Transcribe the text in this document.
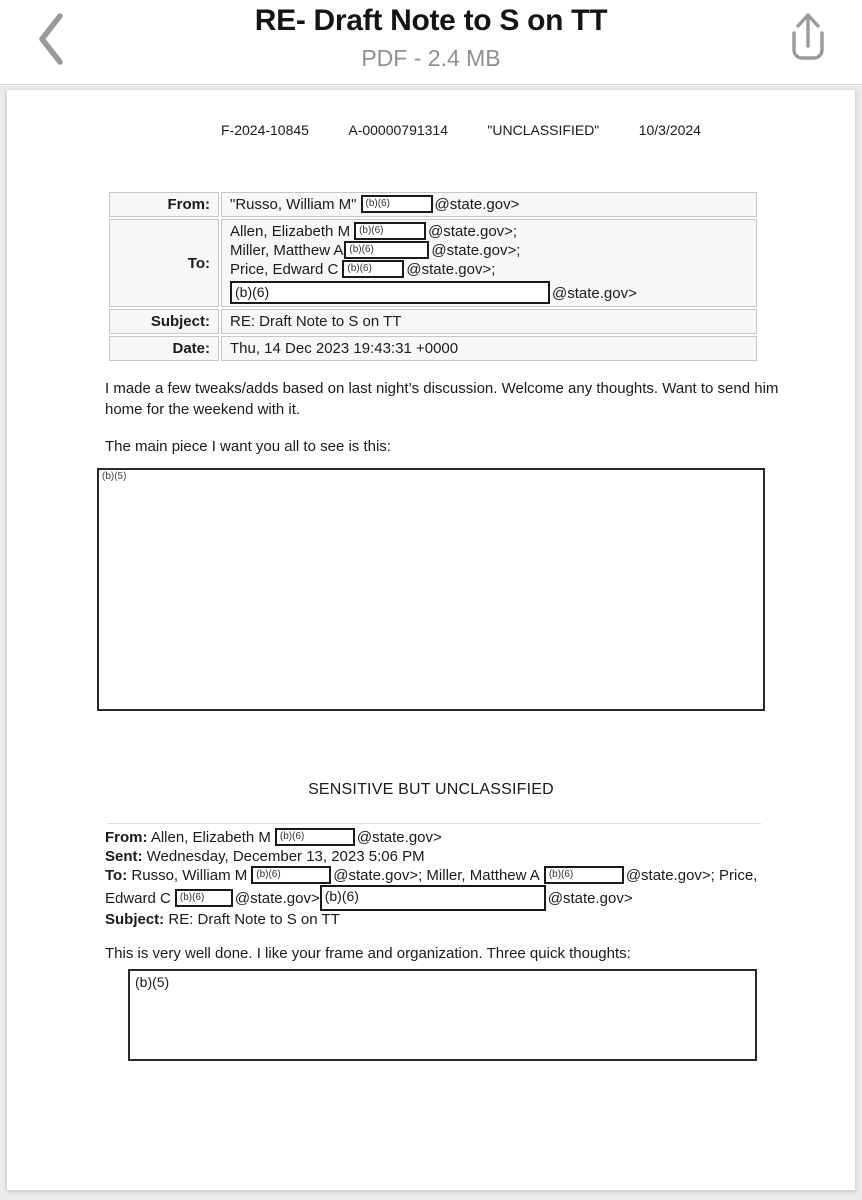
RE- Draft Note to S on TT
PDF - 2.4 MB
F-2024-10845	A-00000791314	"UNCLASSIFIED"	10/3/2024
From:	"Russo, William M" (b)(6) @state.gov>
To:	Allen, Elizabeth M (b)(6) @state.gov>;
Miller, Matthew A (b)(6) @state.gov>;
Price, Edward C (b)(6) @state.gov>;
(b)(6) @state.gov>

Subject:	RE: Draft Note to S on TT
Date:	Thu, 14 Dec 2023 19:43:31 +0000
I made a few tweaks/adds based on last night’s discussion. Welcome any thoughts. Want to send him
home for the weekend with it.
The main piece I want you all to see is this:
(b)(5)
SENSITIVE BUT UNCLASSIFIED
From: Allen, Elizabeth M (b)(6)	@state.gov>
Sent: Wednesday, December 13, 2023 5:06 PM
To: Russo, William M (b)(6)	@state.gov>; Miller, Matthew A (b)(6)	@state.gov>; Price,
Edward C (b)(6) @state.gov> (b)(6)	@state.gov>
Subject: RE: Draft Note to S on TT
This is very well done. I like your frame and organization. Three quick thoughts:
(b)(5)
